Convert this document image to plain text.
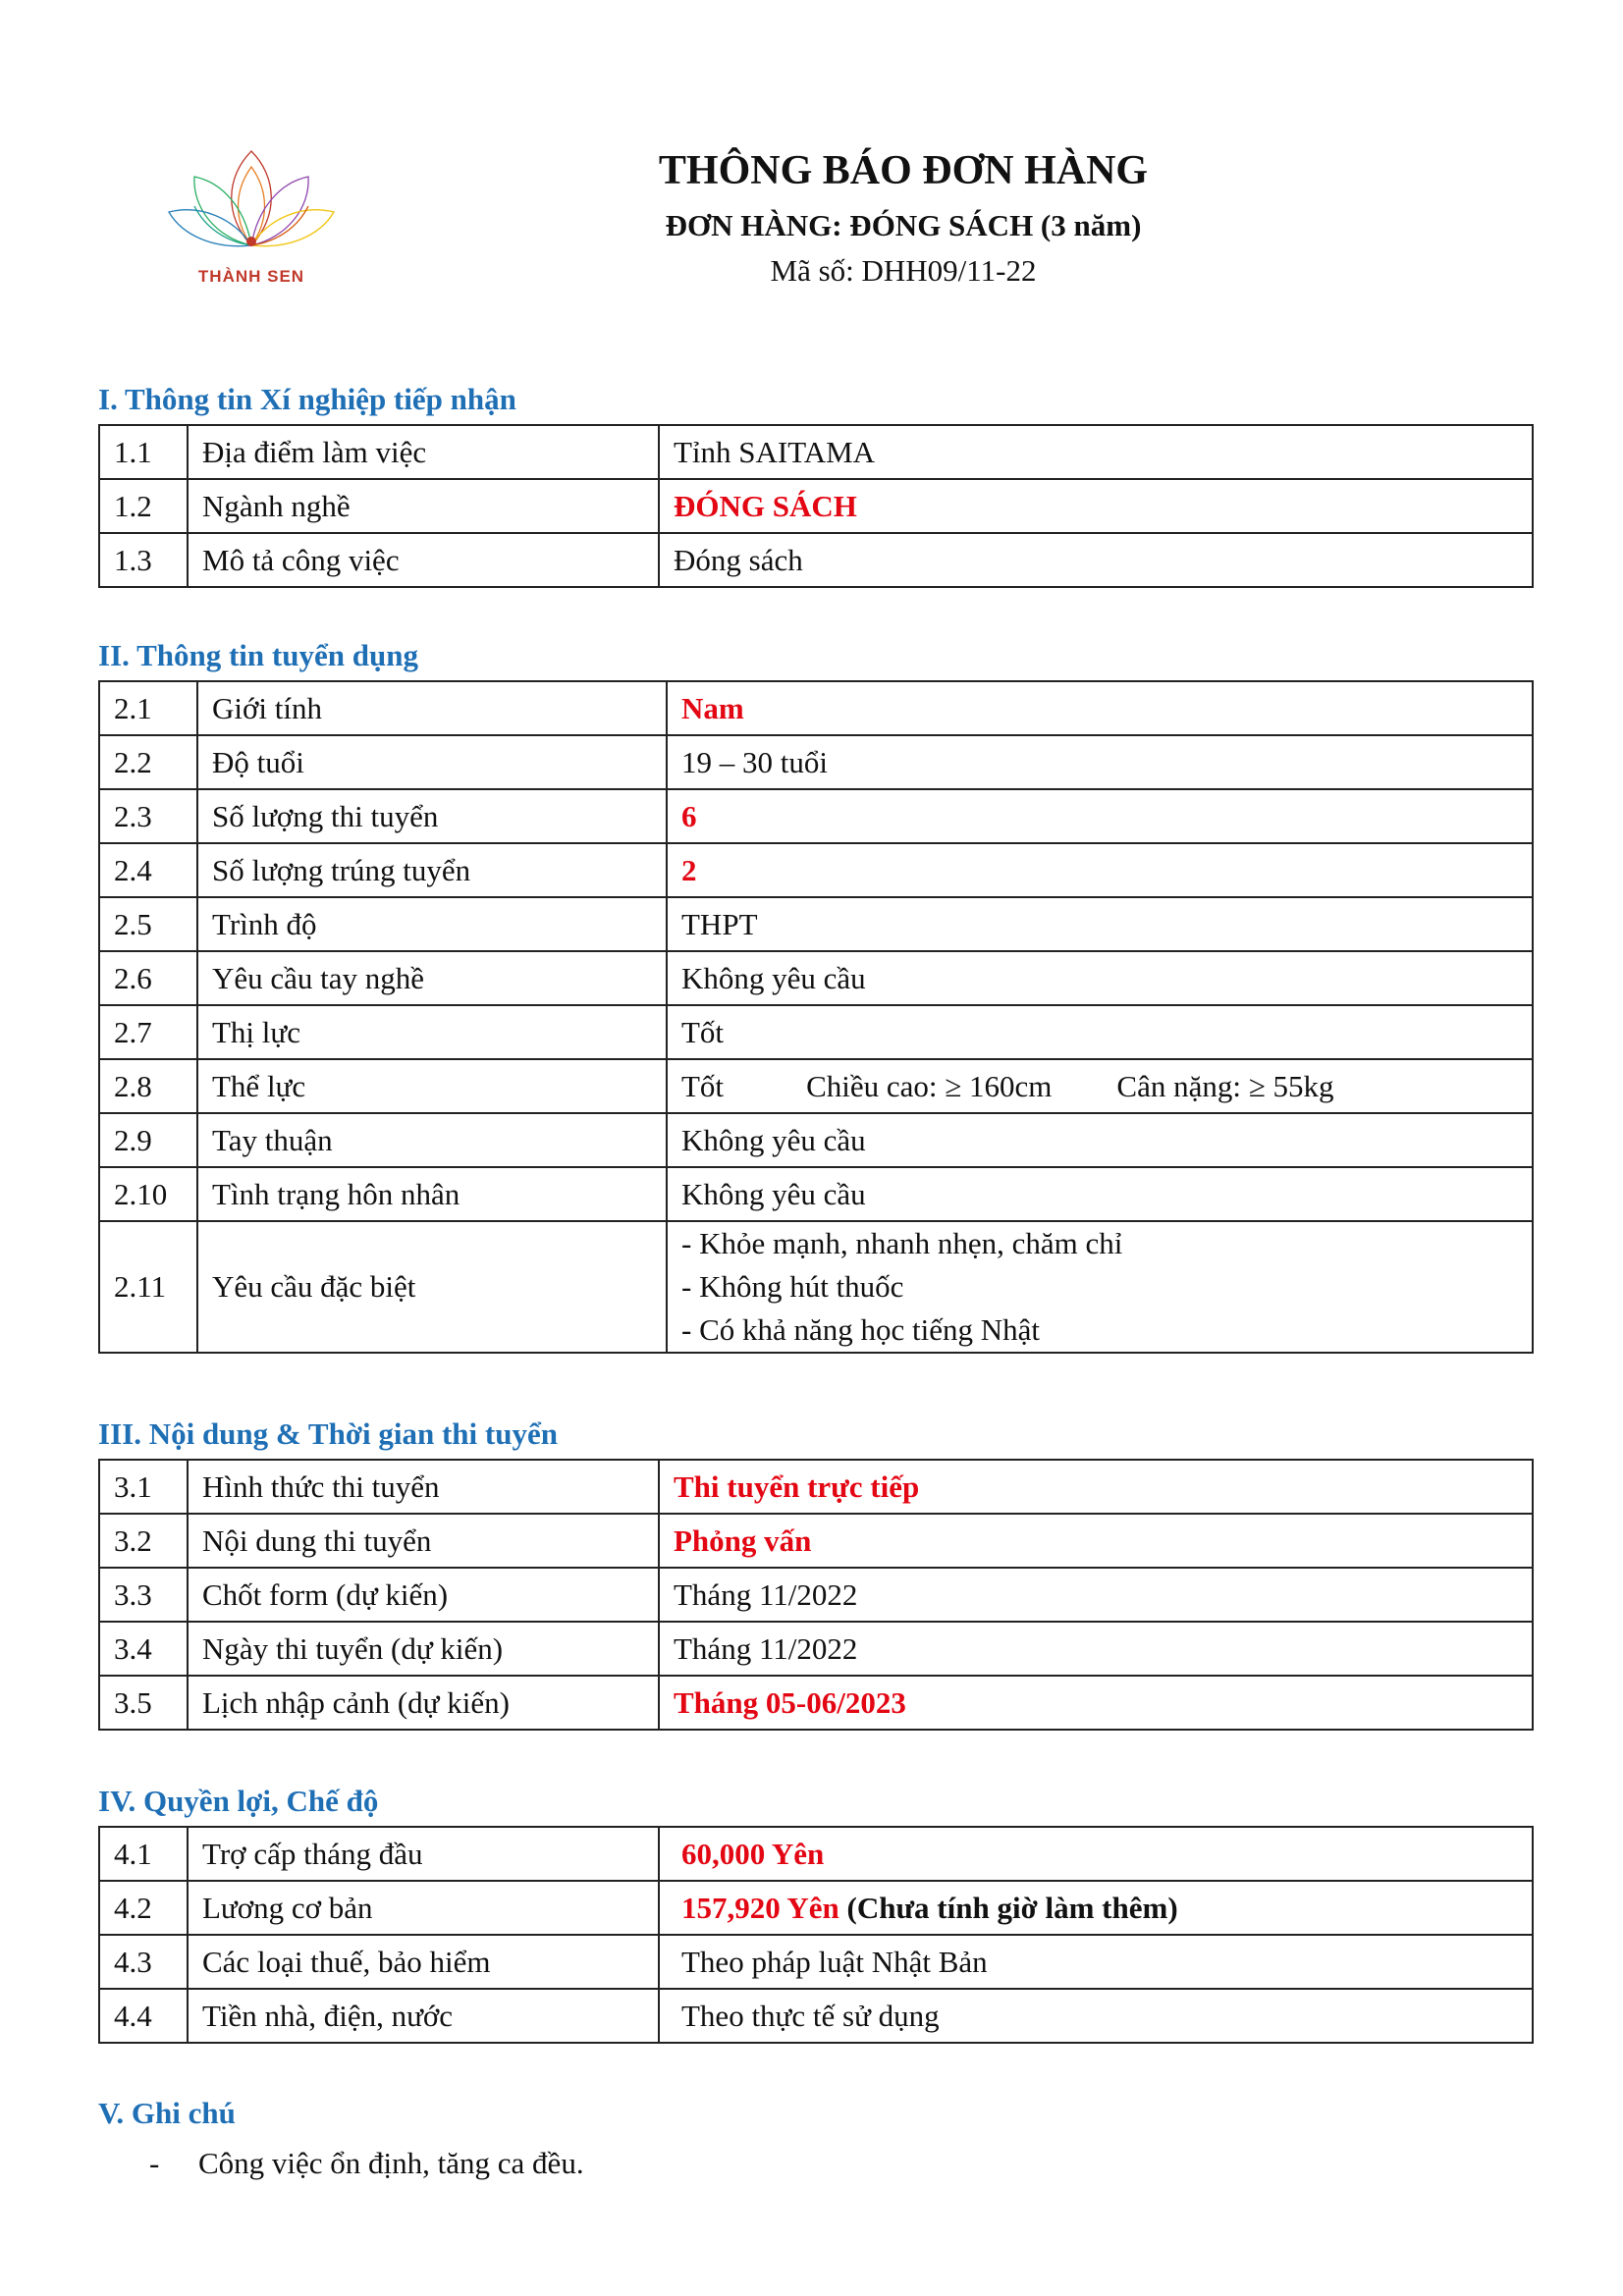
THÀNH SEN
THÔNG BÁO ĐƠN HÀNG
ĐƠN HÀNG: ĐÓNG SÁCH (3 năm)
Mã số: DHH09/11-22
I. Thông tin Xí nghiệp tiếp nhận
1.1	Địa điểm làm việc	Tỉnh SAITAMA
1.2	Ngành nghề	ĐÓNG SÁCH
1.3	Mô tả công việc	Đóng sách
II. Thông tin tuyển dụng
2.1	Giới tính	Nam
2.2	Độ tuổi	19 – 30 tuổi
2.3	Số lượng thi tuyển	6
2.4	Số lượng trúng tuyển	2
2.5	Trình độ	THPT
2.6	Yêu cầu tay nghề	Không yêu cầu
2.7	Thị lực	Tốt
2.8	Thể lực	Tốt Chiều cao: ≥ 160cm Cân nặng: ≥ 55kg
2.9	Tay thuận	Không yêu cầu
2.10	Tình trạng hôn nhân	Không yêu cầu
2.11	Yêu cầu đặc biệt	- Khỏe mạnh, nhanh nhẹn, chăm chỉ
- Không hút thuốc
- Có khả năng học tiếng Nhật
III. Nội dung & Thời gian thi tuyển
3.1	Hình thức thi tuyển	Thi tuyển trực tiếp
3.2	Nội dung thi tuyển	Phỏng vấn
3.3	Chốt form (dự kiến)	Tháng 11/2022
3.4	Ngày thi tuyển (dự kiến)	Tháng 11/2022
3.5	Lịch nhập cảnh (dự kiến)	Tháng 05-06/2023
IV. Quyền lợi, Chế độ
4.1	Trợ cấp tháng đầu	60,000 Yên
4.2	Lương cơ bản	157,920 Yên (Chưa tính giờ làm thêm)
4.3	Các loại thuế, bảo hiểm	Theo pháp luật Nhật Bản
4.4	Tiền nhà, điện, nước	Theo thực tế sử dụng
V. Ghi chú
- Công việc ổn định, tăng ca đều.
